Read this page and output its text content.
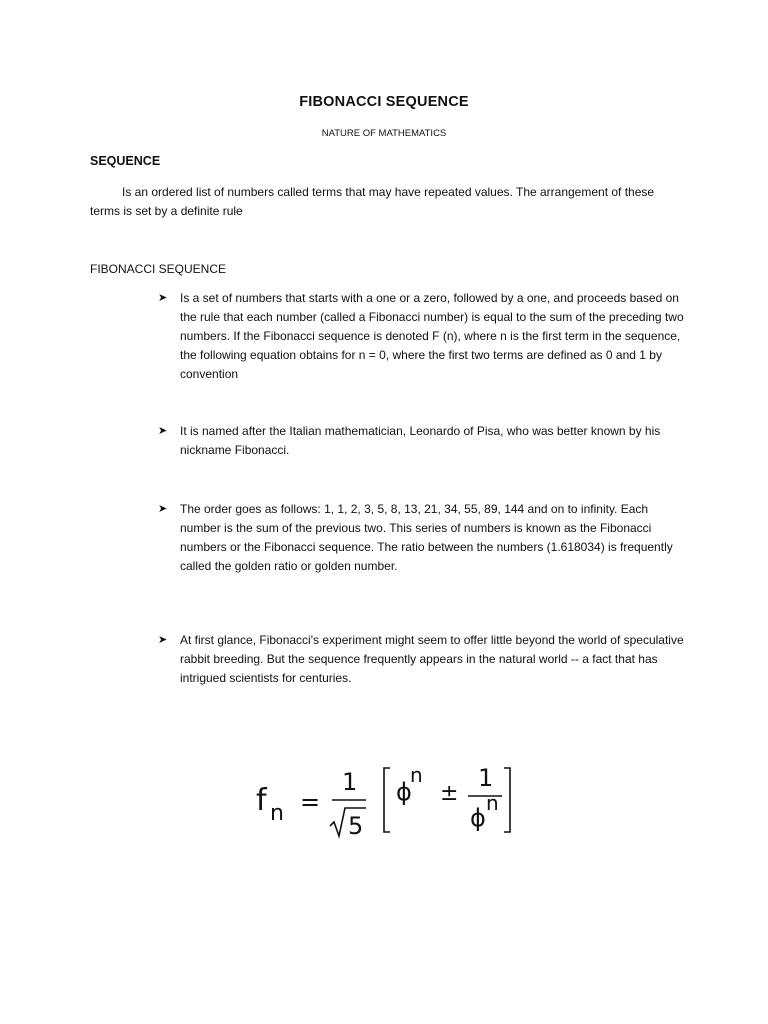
FIBONACCI SEQUENCE
NATURE OF MATHEMATICS
SEQUENCE
Is an ordered list of numbers called terms that may have repeated values. The arrangement of these terms is set by a definite rule
FIBONACCI SEQUENCE
➤	Is a set of numbers that starts with a one or a zero, followed by a one, and proceeds based on the rule that each number (called a Fibonacci number) is equal to the sum of the preceding two numbers. If the Fibonacci sequence is denoted F (n), where n is the first term in the sequence, the following equation obtains for n = 0, where the first two terms are defined as 0 and 1 by convention
➤	It is named after the Italian mathematician, Leonardo of Pisa, who was better known by his nickname Fibonacci.
➤	The order goes as follows: 1, 1, 2, 3, 5, 8, 13, 21, 34, 55, 89, 144 and on to infinity. Each number is the sum of the previous two. This series of numbers is known as the Fibonacci numbers or the Fibonacci sequence. The ratio between the numbers (1.618034) is frequently called the golden ratio or golden number.
➤	At first glance, Fibonacci's experiment might seem to offer little beyond the world of speculative rabbit breeding. But the sequence frequently appears in the natural world -- a fact that has intrigued scientists for centuries.
f n =
1
5
ϕ
n
±
1
ϕ
n
